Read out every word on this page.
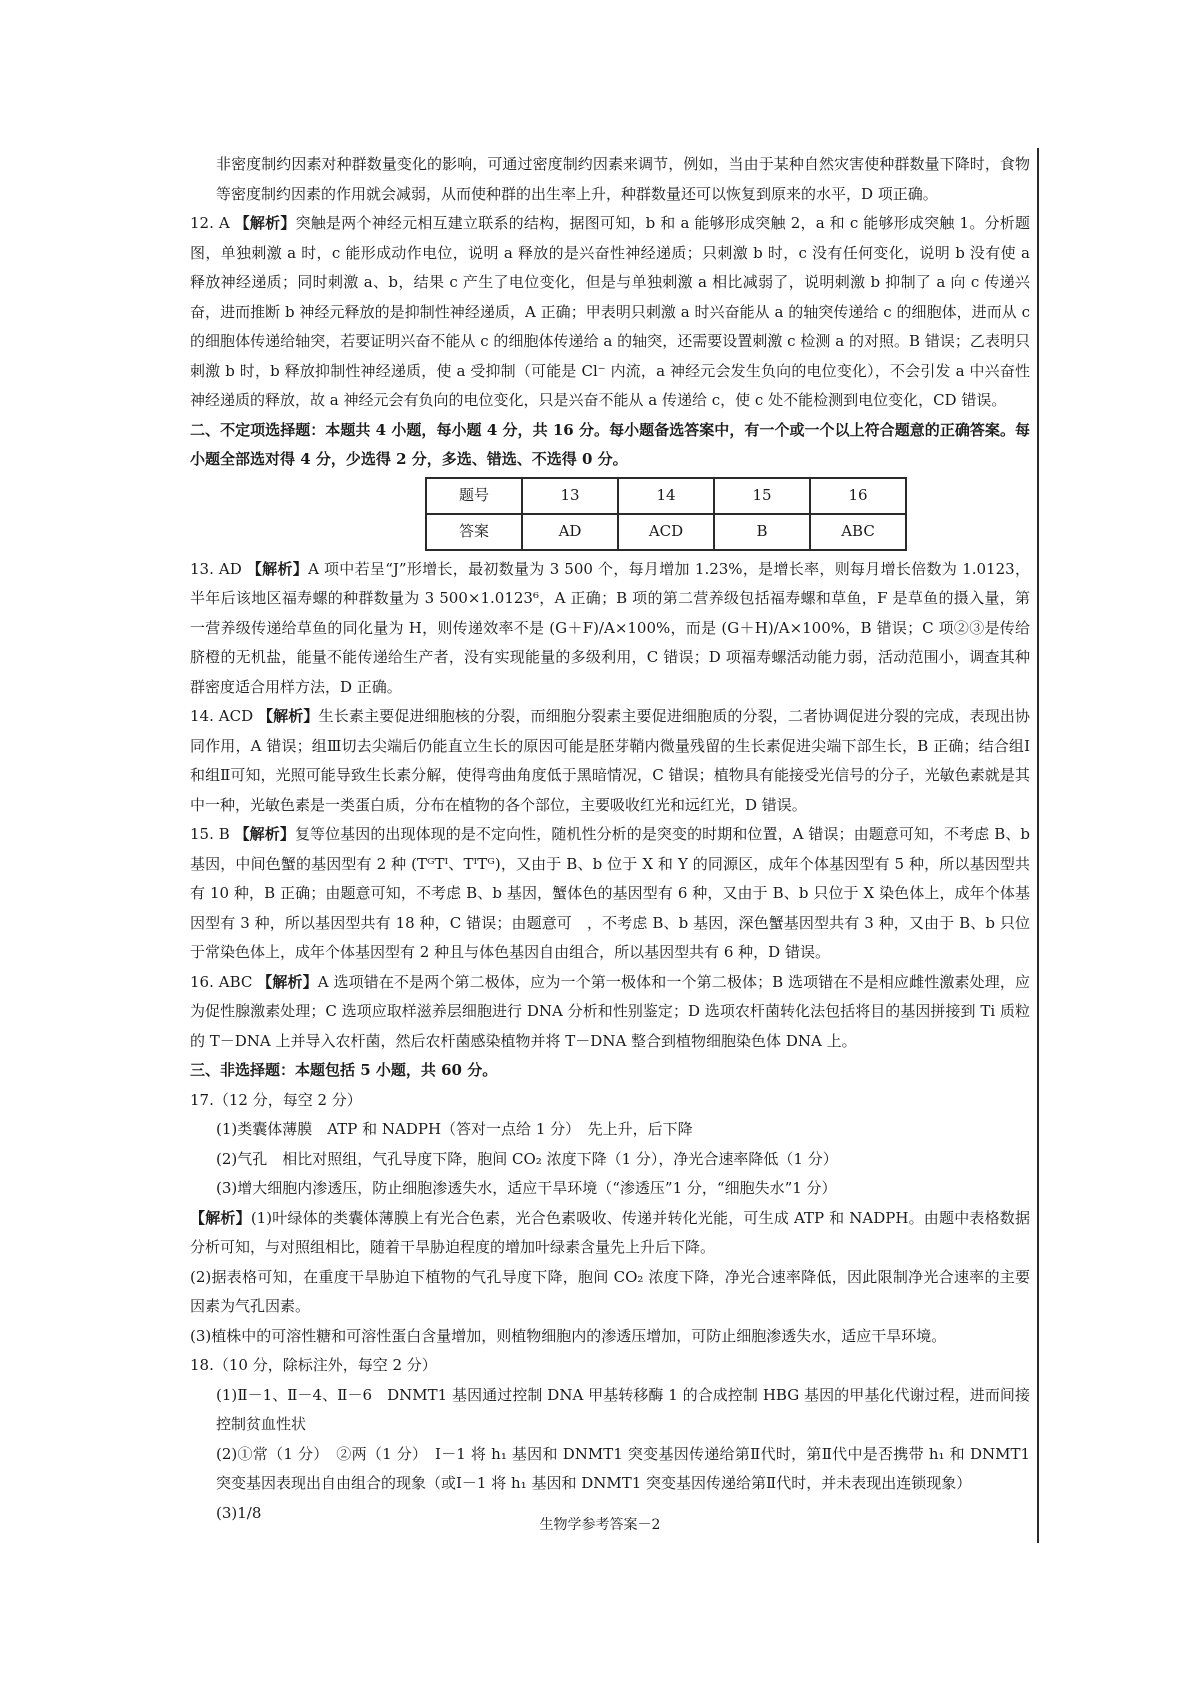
非密度制约因素对种群数量变化的影响，可通过密度制约因素来调节，例如，当由于某种自然灾害使种群数量下降时，食物等密度制约因素的作用就会减弱，从而使种群的出生率上升，种群数量还可以恢复到原来的水平，D 项正确。

12. A 【解析】突触是两个神经元相互建立联系的结构，据图可知，b 和 a 能够形成突触 2，a 和 c 能够形成突触 1。分析题图，单独刺激 a 时，c 能形成动作电位，说明 a 释放的是兴奋性神经递质；只刺激 b 时，c 没有任何变化，说明 b 没有使 a 释放神经递质；同时刺激 a、b，结果 c 产生了电位变化，但是与单独刺激 a 相比减弱了，说明刺激 b 抑制了 a 向 c 传递兴奋，进而推断 b 神经元释放的是抑制性神经递质，A 正确；甲表明只刺激 a 时兴奋能从 a 的轴突传递给 c 的细胞体，进而从 c 的细胞体传递给轴突，若要证明兴奋不能从 c 的细胞体传递给 a 的轴突，还需要设置刺激 c 检测 a 的对照。B 错误；乙表明只刺激 b 时，b 释放抑制性神经递质，使 a 受抑制（可能是 Cl⁻ 内流，a 神经元会发生负向的电位变化），不会引发 a 中兴奋性神经递质的释放，故 a 神经元会有负向的电位变化，只是兴奋不能从 a 传递给 c，使 c 处不能检测到电位变化，CD 错误。

二、不定项选择题：本题共 4 小题，每小题 4 分，共 16 分。每小题备选答案中，有一个或一个以上符合题意的正确答案。每小题全部选对得 4 分，少选得 2 分，多选、错选、不选得 0 分。

题号	13	14	15	16
答案	AD	ACD	B	ABC

13. AD 【解析】A 项中若呈“J”形增长，最初数量为 3 500 个，每月增加 1.23%，是增长率，则每月增长倍数为 1.0123，半年后该地区福寿螺的种群数量为 3 500×1.0123⁶，A 正确；B 项的第二营养级包括福寿螺和草鱼，F 是草鱼的摄入量，第一营养级传递给草鱼的同化量为 H，则传递效率不是 (G＋F)/A×100%，而是 (G＋H)/A×100%，B 错误；C 项②③是传给脐橙的无机盐，能量不能传递给生产者，没有实现能量的多级利用，C 错误；D 项福寿螺活动能力弱，活动范围小，调查其种群密度适合用样方法，D 正确。

14. ACD 【解析】生长素主要促进细胞核的分裂，而细胞分裂素主要促进细胞质的分裂，二者协调促进分裂的完成，表现出协同作用，A 错误；组Ⅲ切去尖端后仍能直立生长的原因可能是胚芽鞘内微量残留的生长素促进尖端下部生长，B 正确；结合组Ⅰ和组Ⅱ可知，光照可能导致生长素分解，使得弯曲角度低于黑暗情况，C 错误；植物具有能接受光信号的分子，光敏色素就是其中一种，光敏色素是一类蛋白质，分布在植物的各个部位，主要吸收红光和远红光，D 错误。

15. B 【解析】复等位基因的出现体现的是不定向性，随机性分析的是突变的时期和位置，A 错误；由题意可知，不考虑 B、b 基因，中间色蟹的基因型有 2 种 (TᴳTᴵ、TᴵTᴳ)，又由于 B、b 位于 X 和 Y 的同源区，成年个体基因型有 5 种，所以基因型共有 10 种，B 正确；由题意可知，不考虑 B、b 基因，蟹体色的基因型有 6 种，又由于 B、b 只位于 X 染色体上，成年个体基因型有 3 种，所以基因型共有 18 种，C 错误；由题意可　，不考虑 B、b 基因，深色蟹基因型共有 3 种，又由于 B、b 只位于常染色体上，成年个体基因型有 2 种且与体色基因自由组合，所以基因型共有 6 种，D 错误。

16. ABC 【解析】A 选项错在不是两个第二极体，应为一个第一极体和一个第二极体；B 选项错在不是相应雌性激素处理，应为促性腺激素处理；C 选项应取样滋养层细胞进行 DNA 分析和性别鉴定；D 选项农杆菌转化法包括将目的基因拼接到 Ti 质粒的 T－DNA 上并导入农杆菌，然后农杆菌感染植物并将 T－DNA 整合到植物细胞染色体 DNA 上。

三、非选择题：本题包括 5 小题，共 60 分。

17.（12 分，每空 2 分）

(1)类囊体薄膜　ATP 和 NADPH（答对一点给 1 分）　先上升，后下降

(2)气孔　相比对照组，气孔导度下降，胞间 CO₂ 浓度下降（1 分），净光合速率降低（1 分）

(3)增大细胞内渗透压，防止细胞渗透失水，适应干旱环境（“渗透压”1 分，“细胞失水”1 分）

【解析】(1)叶绿体的类囊体薄膜上有光合色素，光合色素吸收、传递并转化光能，可生成 ATP 和 NADPH。由题中表格数据分析可知，与对照组相比，随着干旱胁迫程度的增加叶绿素含量先上升后下降。

(2)据表格可知，在重度干旱胁迫下植物的气孔导度下降，胞间 CO₂ 浓度下降，净光合速率降低，因此限制净光合速率的主要因素为气孔因素。

(3)植株中的可溶性糖和可溶性蛋白含量增加，则植物细胞内的渗透压增加，可防止细胞渗透失水，适应干旱环境。

18.（10 分，除标注外，每空 2 分）

(1)Ⅱ－1、Ⅱ－4、Ⅱ－6　DNMT1 基因通过控制 DNA 甲基转移酶 1 的合成控制 HBG 基因的甲基化代谢过程，进而间接控制贫血性状

(2)①常（1 分）　②两（1 分）　Ⅰ－1 将 h₁ 基因和 DNMT1 突变基因传递给第Ⅱ代时，第Ⅱ代中是否携带 h₁ 和 DNMT1 突变基因表现出自由组合的现象（或Ⅰ－1 将 h₁ 基因和 DNMT1 突变基因传递给第Ⅱ代时，并未表现出连锁现象）

(3)1/8

生物学参考答案－2
